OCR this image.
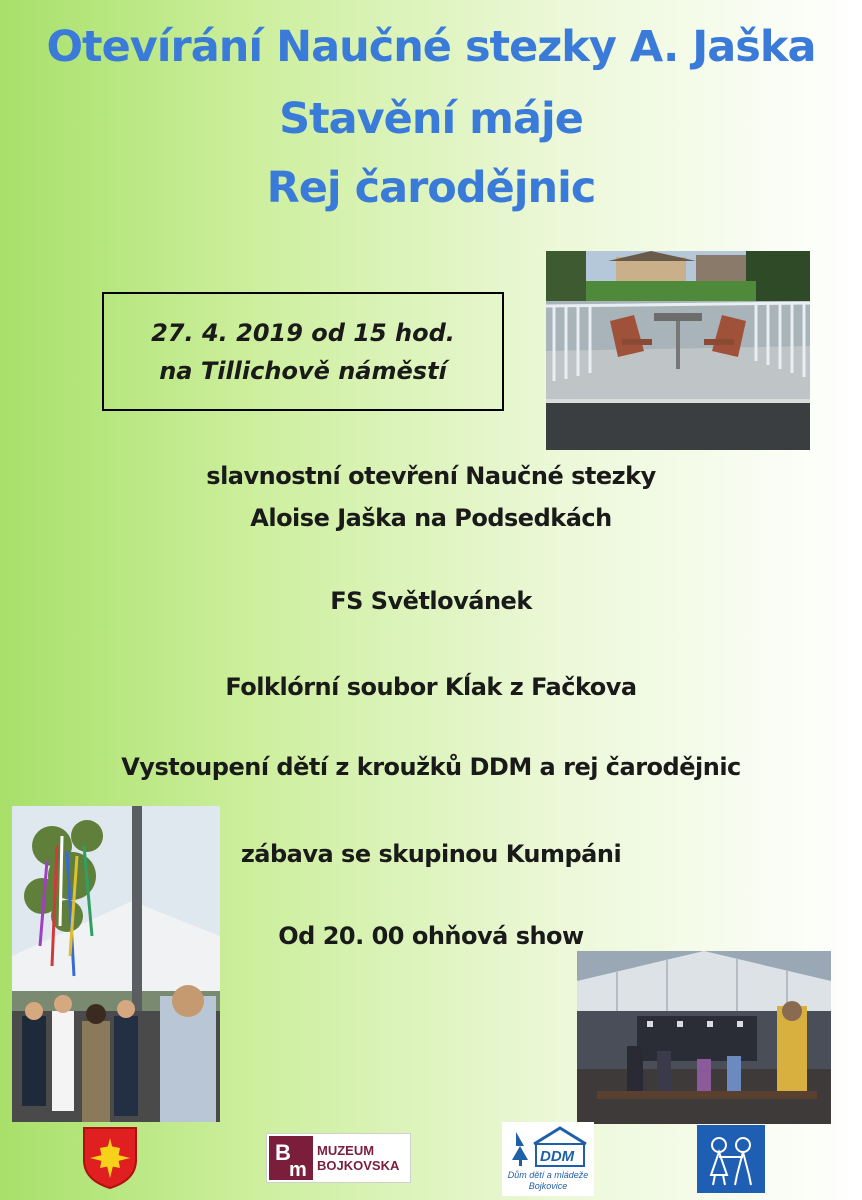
Otevírání Naučné stezky A. Jaška
Stavění máje
Rej čarodějnic
27. 4. 2019 od 15 hod.
na Tillichově náměstí
slavnostní otevření Naučné stezky
Aloise Jaška na Podsedkách
FS Světlovánek
Folklórní soubor Kĺak z Fačkova
Vystoupení dětí z kroužků DDM a rej čarodějnic
zábava se skupinou Kumpáni
Od 20. 00 ohňová show
B
m
MUZEUM
BOJKOVSKA
DDM
Dům dětí a mládeže
Bojkovice
